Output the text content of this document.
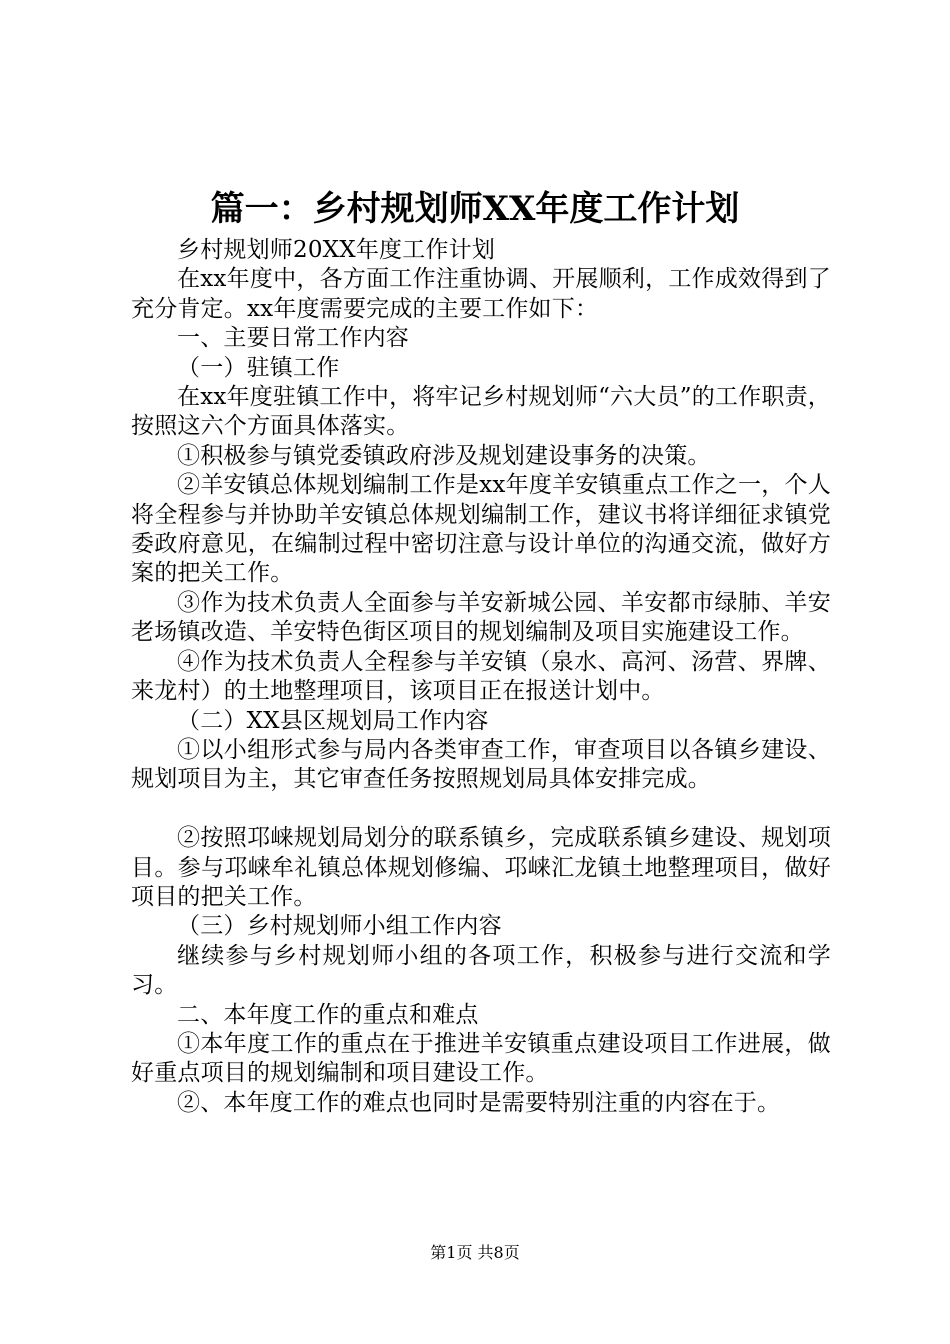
篇一：乡村规划师XX年度工作计划

乡村规划师20XX年度工作计划

在xx年度中，各方面工作注重协调、开展顺利，工作成效得到了充分肯定。xx年度需要完成的主要工作如下：

一、主要日常工作内容

（一）驻镇工作

在xx年度驻镇工作中，将牢记乡村规划师“六大员”的工作职责，按照这六个方面具体落实。

①积极参与镇党委镇政府涉及规划建设事务的决策。

②羊安镇总体规划编制工作是xx年度羊安镇重点工作之一，个人将全程参与并协助羊安镇总体规划编制工作，建议书将详细征求镇党委政府意见，在编制过程中密切注意与设计单位的沟通交流，做好方案的把关工作。

③作为技术负责人全面参与羊安新城公园、羊安都市绿肺、羊安老场镇改造、羊安特色街区项目的规划编制及项目实施建设工作。

④作为技术负责人全程参与羊安镇（泉水、高河、汤营、界牌、来龙村）的土地整理项目，该项目正在报送计划中。

（二）XX县区规划局工作内容

①以小组形式参与局内各类审查工作，审查项目以各镇乡建设、规划项目为主，其它审查任务按照规划局具体安排完成。

②按照邛崃规划局划分的联系镇乡，完成联系镇乡建设、规划项目。参与邛崃牟礼镇总体规划修编、邛崃汇龙镇土地整理项目，做好项目的把关工作。

（三）乡村规划师小组工作内容

继续参与乡村规划师小组的各项工作，积极参与进行交流和学习。

二、本年度工作的重点和难点

①本年度工作的重点在于推进羊安镇重点建设项目工作进展，做好重点项目的规划编制和项目建设工作。

②、本年度工作的难点也同时是需要特别注重的内容在于。

第1页 共8页
